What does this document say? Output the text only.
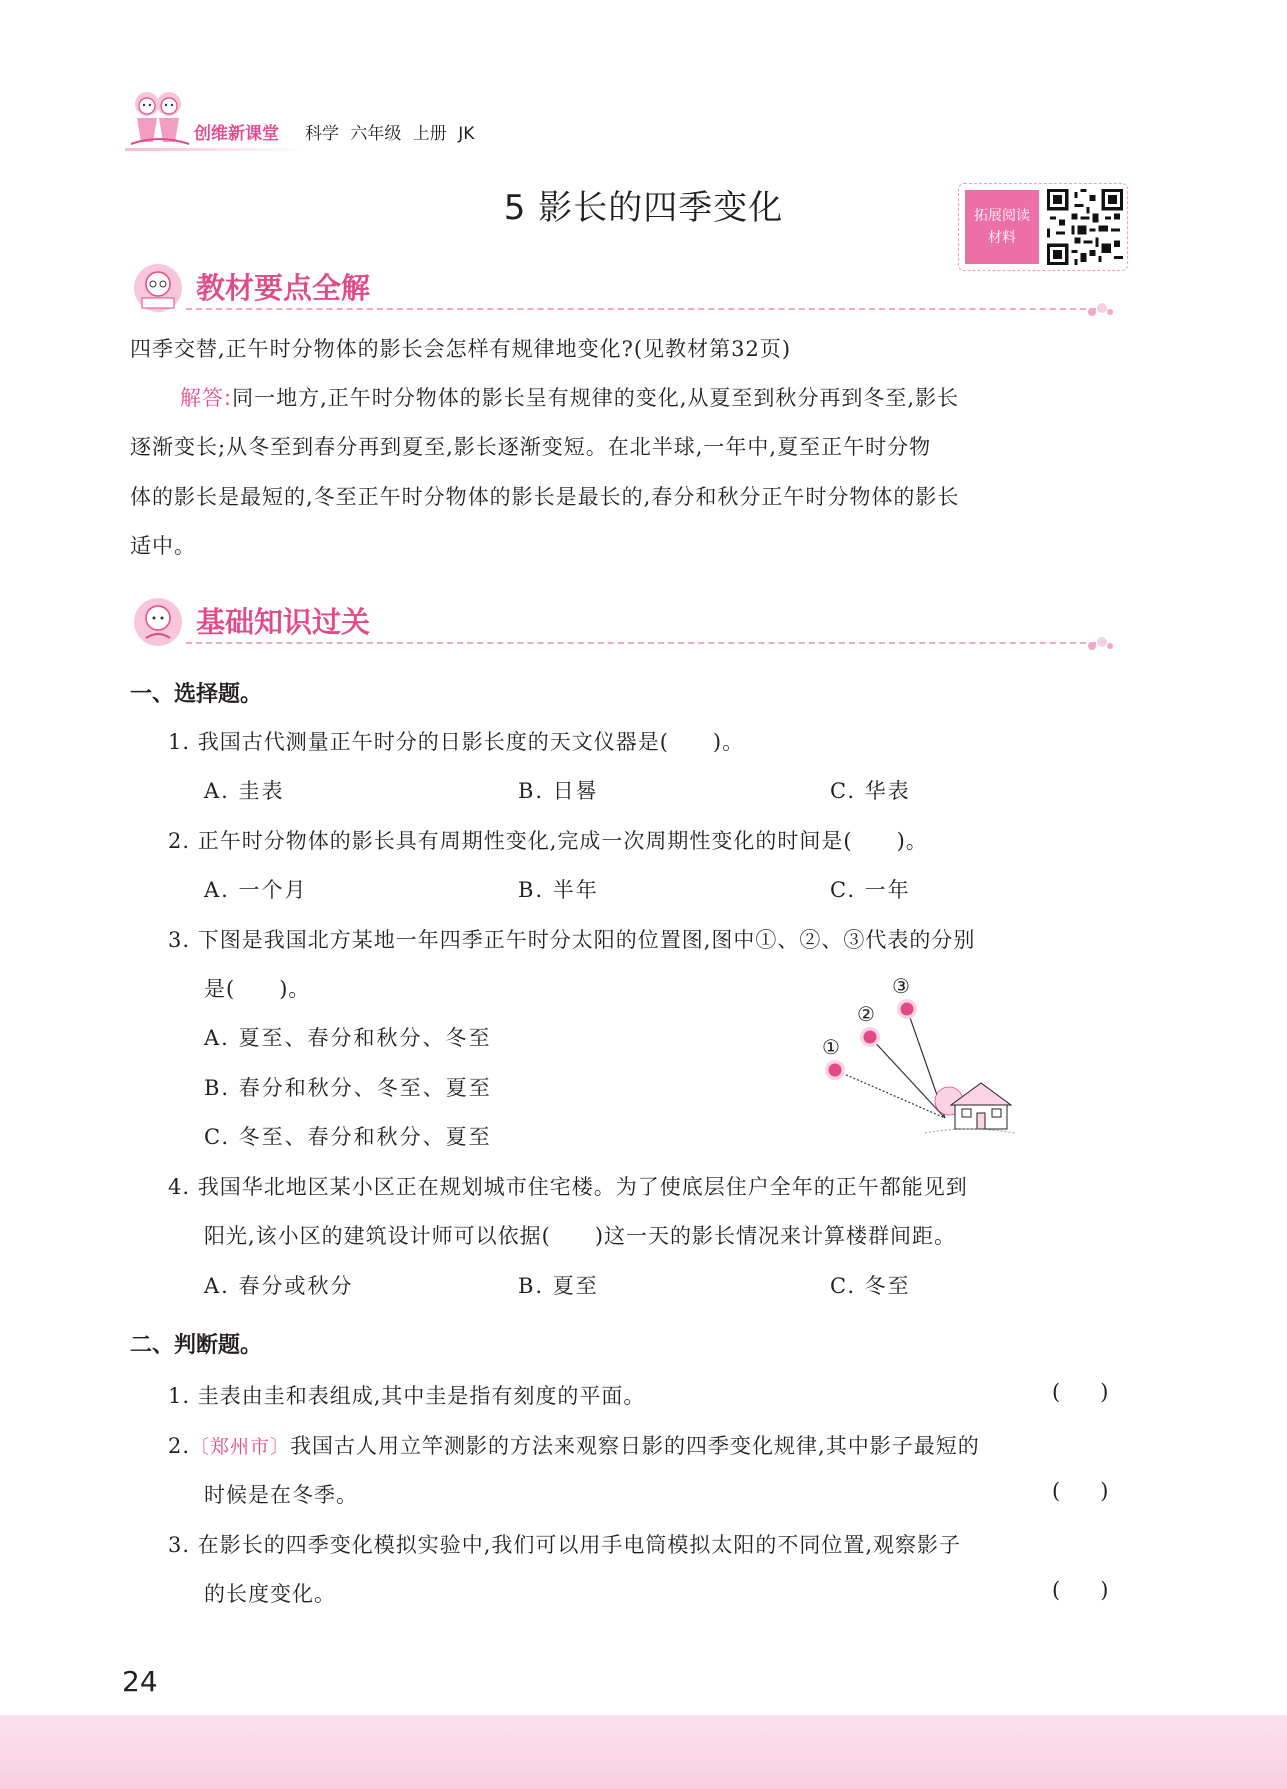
创维新课堂 科学 六年级 上册 JK
5 影长的四季变化	拓展阅读
材料
教材要点全解
四季交替,正午时分物体的影长会怎样有规律地变化?(见教材第32页)
解答:同一地方,正午时分物体的影长呈有规律的变化,从夏至到秋分再到冬至,影长
逐渐变长;从冬至到春分再到夏至,影长逐渐变短。在北半球,一年中,夏至正午时分物
体的影长是最短的,冬至正午时分物体的影长是最长的,春分和秋分正午时分物体的影长
适中。
基础知识过关
一、选择题。
1. 我国古代测量正午时分的日影长度的天文仪器是(　　)。
A. 圭表	B. 日晷	C. 华表
2. 正午时分物体的影长具有周期性变化,完成一次周期性变化的时间是(　　)。
A. 一个月	B. 半年	C. 一年
3. 下图是我国北方某地一年四季正午时分太阳的位置图,图中①、②、③代表的分别
是(　　)。
A. 夏至、春分和秋分、冬至
B. 春分和秋分、冬至、夏至
C. 冬至、春分和秋分、夏至
①
②
③
4. 我国华北地区某小区正在规划城市住宅楼。为了使底层住户全年的正午都能见到
阳光,该小区的建筑设计师可以依据(　　)这一天的影长情况来计算楼群间距。
A. 春分或秋分	B. 夏至	C. 冬至
二、判断题。
1. 圭表由圭和表组成,其中圭是指有刻度的平面。	()
2.〔郑州市〕我国古人用立竿测影的方法来观察日影的四季变化规律,其中影子最短的
时候是在冬季。	()
3. 在影长的四季变化模拟实验中,我们可以用手电筒模拟太阳的不同位置,观察影子
的长度变化。	()
24
